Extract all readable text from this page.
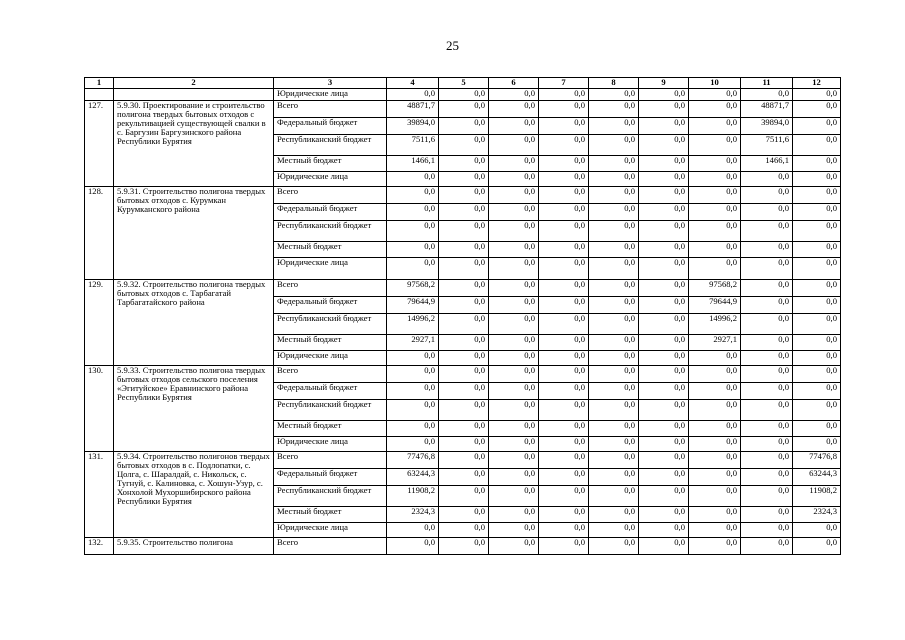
25
1	2	3	4	5	6	7	8	9	10	11	12
		Юридические лица	0,0	0,0	0,0	0,0	0,0	0,0	0,0	0,0	0,0
127.	5.9.30. Проектирование и строительство полигона твердых бытовых отходов с рекультивацией существующей свалки в с. Баргузин Баргузинского района Республики Бурятия	Всего	48871,7	0,0	0,0	0,0	0,0	0,0	0,0	48871,7	0,0
		Федеральный бюджет	39894,0	0,0	0,0	0,0	0,0	0,0	0,0	39894,0	0,0
		Республиканский бюджет	7511,6	0,0	0,0	0,0	0,0	0,0	0,0	7511,6	0,0
		Местный бюджет	1466,1	0,0	0,0	0,0	0,0	0,0	0,0	1466,1	0,0
		Юридические лица	0,0	0,0	0,0	0,0	0,0	0,0	0,0	0,0	0,0
128.	5.9.31. Строительство полигона твердых бытовых отходов с. Курумкан Курумканского района	Всего	0,0	0,0	0,0	0,0	0,0	0,0	0,0	0,0	0,0
		Федеральный бюджет	0,0	0,0	0,0	0,0	0,0	0,0	0,0	0,0	0,0
		Республиканский бюджет	0,0	0,0	0,0	0,0	0,0	0,0	0,0	0,0	0,0
		Местный бюджет	0,0	0,0	0,0	0,0	0,0	0,0	0,0	0,0	0,0
		Юридические лица	0,0	0,0	0,0	0,0	0,0	0,0	0,0	0,0	0,0
129.	5.9.32. Строительство полигона твердых бытовых отходов с. Тарбагатай Тарбагатайского района	Всего	97568,2	0,0	0,0	0,0	0,0	0,0	97568,2	0,0	0,0
		Федеральный бюджет	79644,9	0,0	0,0	0,0	0,0	0,0	79644,9	0,0	0,0
		Республиканский бюджет	14996,2	0,0	0,0	0,0	0,0	0,0	14996,2	0,0	0,0
		Местный бюджет	2927,1	0,0	0,0	0,0	0,0	0,0	2927,1	0,0	0,0
		Юридические лица	0,0	0,0	0,0	0,0	0,0	0,0	0,0	0,0	0,0
130.	5.9.33. Строительство полигона твердых бытовых отходов сельского поселения «Эгитуйское» Еравнинского района Республики Бурятия	Всего	0,0	0,0	0,0	0,0	0,0	0,0	0,0	0,0	0,0
		Федеральный бюджет	0,0	0,0	0,0	0,0	0,0	0,0	0,0	0,0	0,0
		Республиканский бюджет	0,0	0,0	0,0	0,0	0,0	0,0	0,0	0,0	0,0
		Местный бюджет	0,0	0,0	0,0	0,0	0,0	0,0	0,0	0,0	0,0
		Юридические лица	0,0	0,0	0,0	0,0	0,0	0,0	0,0	0,0	0,0
131.	5.9.34. Строительство полигонов твердых бытовых отходов в с. Подлопатки, с. Цолга, с. Шаралдай, с. Никольск, с. Тугнуй, с. Калиновка, с. Хошун-Узур, с. Хонхолой Мухоршибирского района Республики Бурятия	Всего	77476,8	0,0	0,0	0,0	0,0	0,0	0,0	0,0	77476,8
		Федеральный бюджет	63244,3	0,0	0,0	0,0	0,0	0,0	0,0	0,0	63244,3
		Республиканский бюджет	11908,2	0,0	0,0	0,0	0,0	0,0	0,0	0,0	11908,2
		Местный бюджет	2324,3	0,0	0,0	0,0	0,0	0,0	0,0	0,0	2324,3
		Юридические лица	0,0	0,0	0,0	0,0	0,0	0,0	0,0	0,0	0,0
132.	5.9.35. Строительство полигона	Всего	0,0	0,0	0,0	0,0	0,0	0,0	0,0	0,0	0,0
